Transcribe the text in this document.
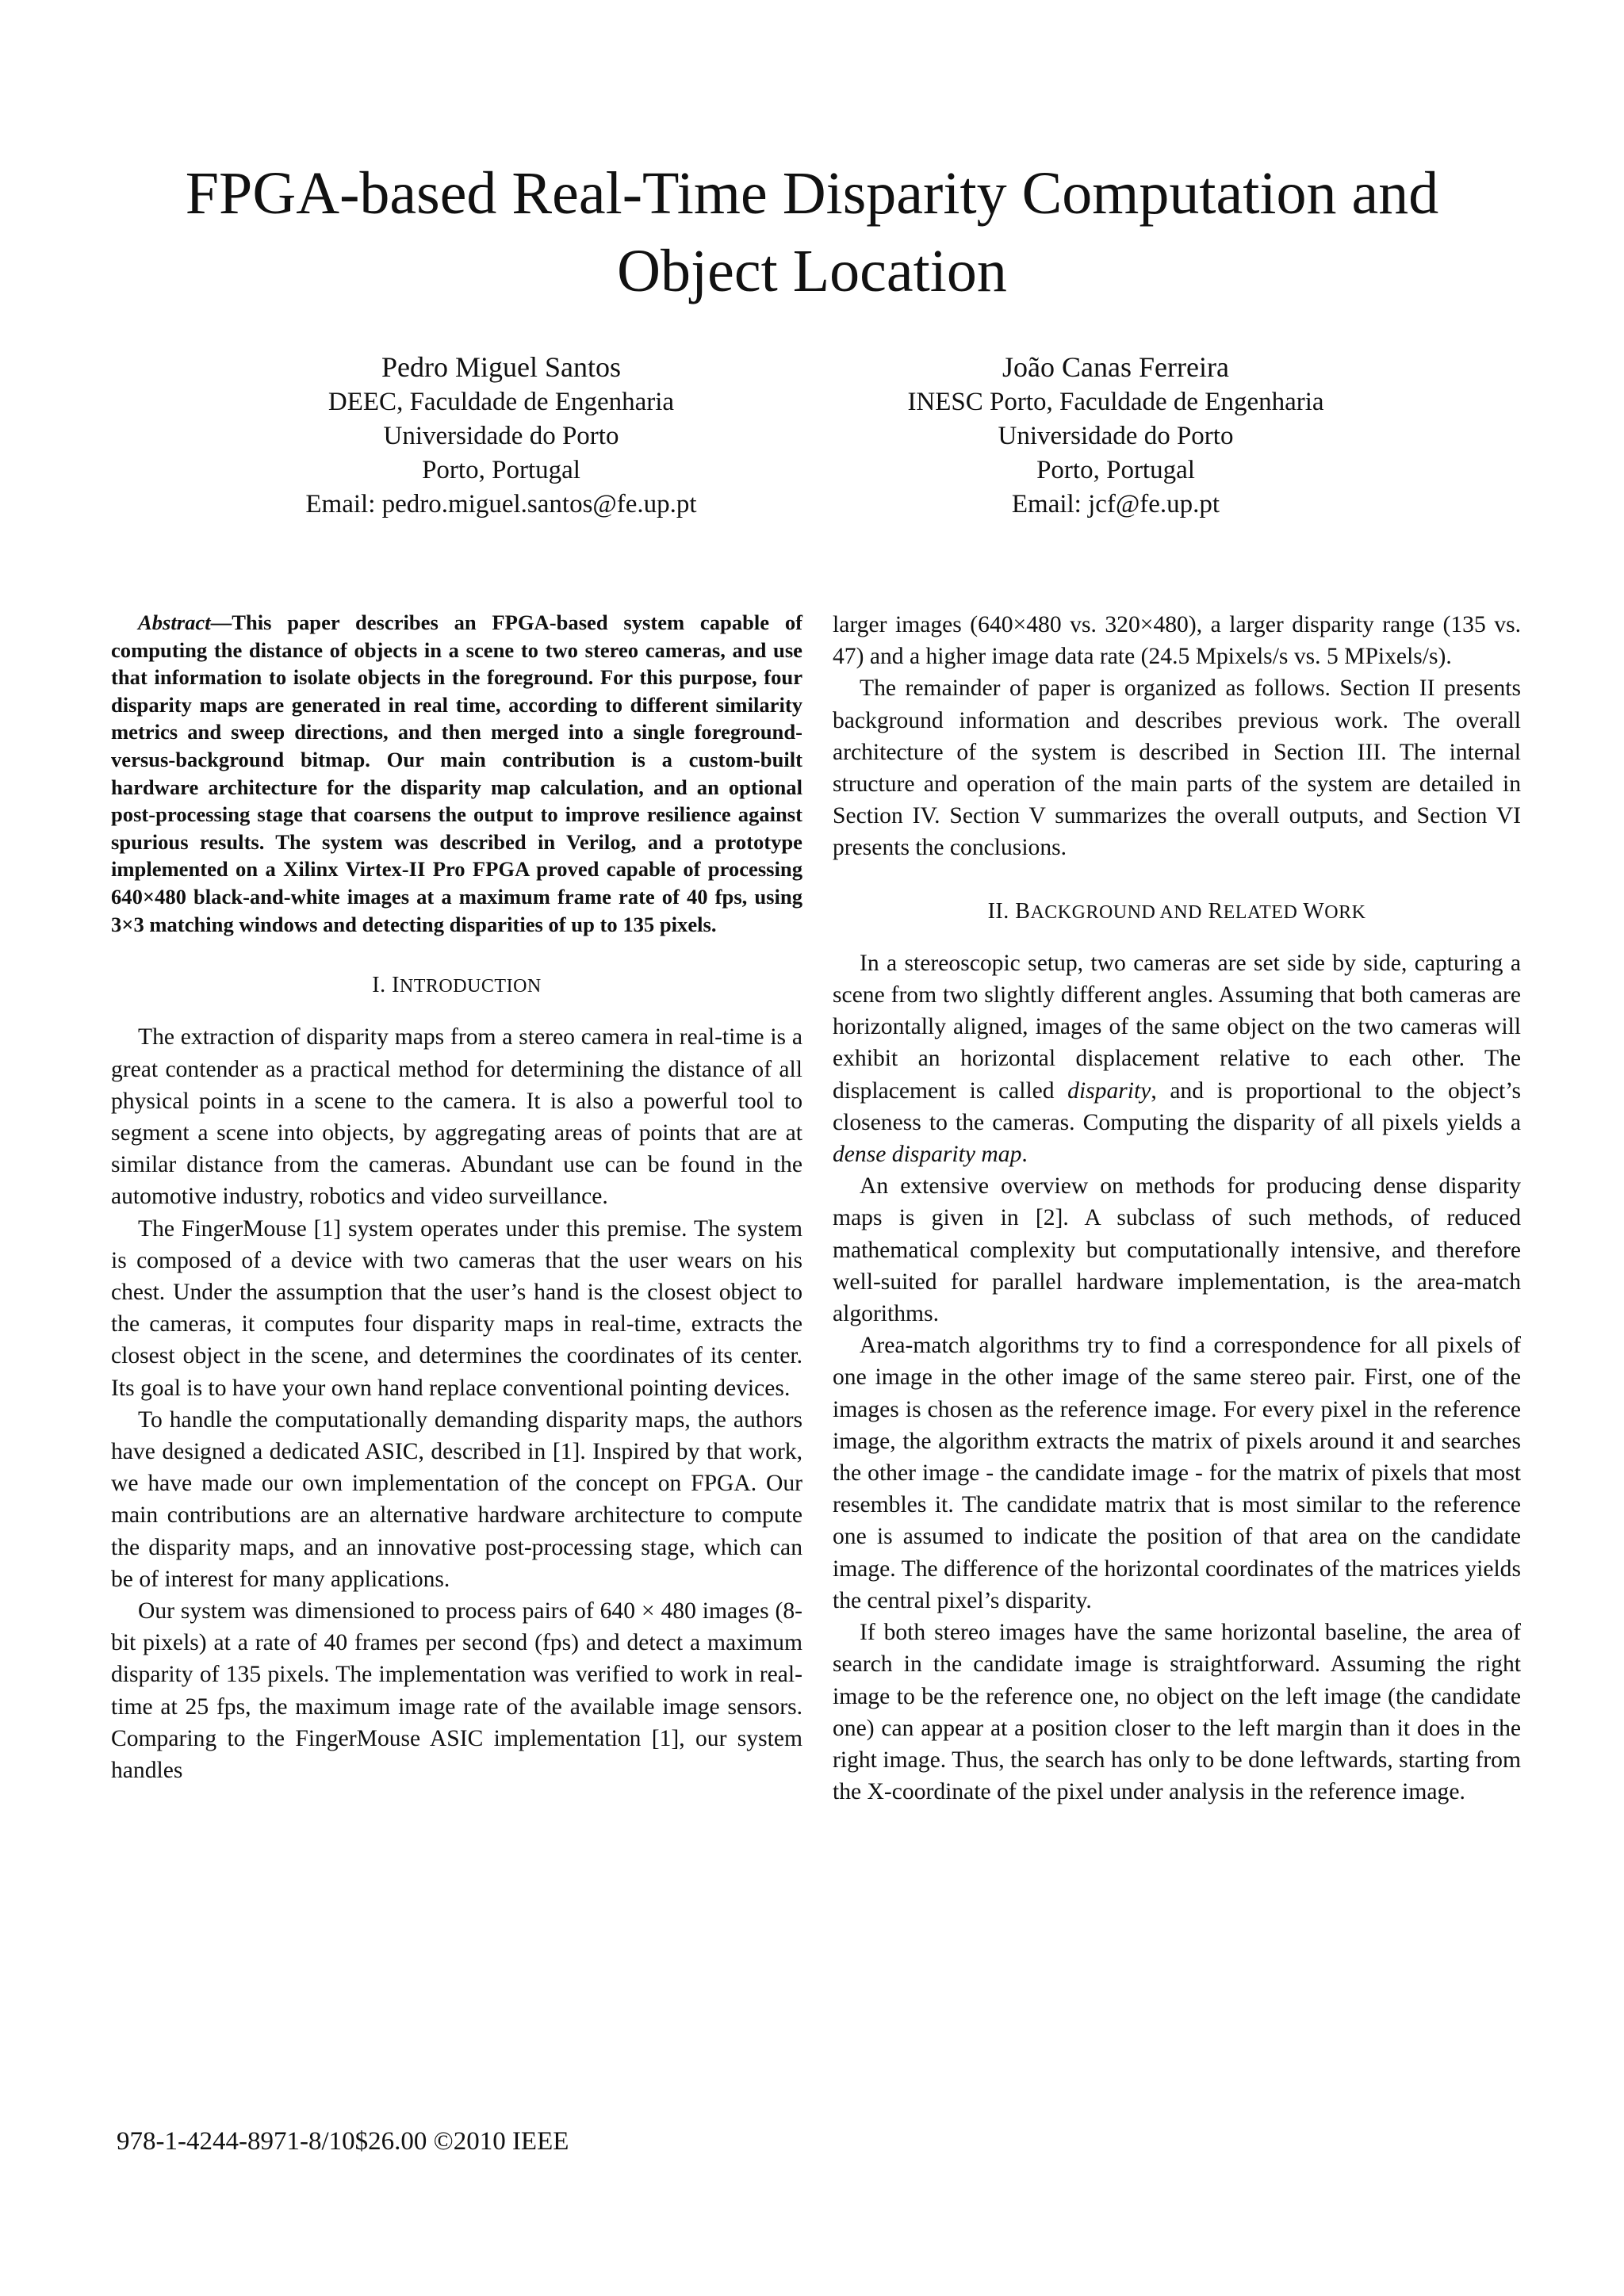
FPGA-based Real-Time Disparity Computation and
Object Location
Pedro Miguel Santos
DEEC, Faculdade de Engenharia
Universidade do Porto
Porto, Portugal
Email: pedro.miguel.santos@fe.up.pt
João Canas Ferreira
INESC Porto, Faculdade de Engenharia
Universidade do Porto
Porto, Portugal
Email: jcf@fe.up.pt

Abstract—This paper describes an FPGA-based system capable of computing the distance of objects in a scene to two stereo cameras, and use that information to isolate objects in the foreground. For this purpose, four disparity maps are generated in real time, according to different similarity metrics and sweep directions, and then merged into a single foreground-versus-background bitmap. Our main contribution is a custom-built hardware architecture for the disparity map calculation, and an optional post-processing stage that coarsens the output to improve resilience against spurious results. The system was described in Verilog, and a prototype implemented on a Xilinx Virtex-II Pro FPGA proved capable of processing 640×480 black-and-white images at a maximum frame rate of 40 fps, using 3×3 matching windows and detecting disparities of up to 135 pixels.

I. INTRODUCTION

The extraction of disparity maps from a stereo camera in real-time is a great contender as a practical method for determining the distance of all physical points in a scene to the camera. It is also a powerful tool to segment a scene into objects, by aggregating areas of points that are at similar distance from the cameras. Abundant use can be found in the automotive industry, robotics and video surveillance.

The FingerMouse [1] system operates under this premise. The system is composed of a device with two cameras that the user wears on his chest. Under the assumption that the user’s hand is the closest object to the cameras, it computes four disparity maps in real-time, extracts the closest object in the scene, and determines the coordinates of its center. Its goal is to have your own hand replace conventional pointing devices.

To handle the computationally demanding disparity maps, the authors have designed a dedicated ASIC, described in [1]. Inspired by that work, we have made our own implementation of the concept on FPGA. Our main contributions are an alternative hardware architecture to compute the disparity maps, and an innovative post-processing stage, which can be of interest for many applications.

Our system was dimensioned to process pairs of 640 × 480 images (8-bit pixels) at a rate of 40 frames per second (fps) and detect a maximum disparity of 135 pixels. The implementation was verified to work in real-time at 25 fps, the maximum image rate of the available image sensors. Comparing to the FingerMouse ASIC implementation [1], our system handles

larger images (640×480 vs. 320×480), a larger disparity range (135 vs. 47) and a higher image data rate (24.5 Mpixels/s vs. 5 MPixels/s).

The remainder of paper is organized as follows. Section II presents background information and describes previous work. The overall architecture of the system is described in Section III. The internal structure and operation of the main parts of the system are detailed in Section IV. Section V summarizes the overall outputs, and Section VI presents the conclusions.

II. BACKGROUND AND RELATED WORK

In a stereoscopic setup, two cameras are set side by side, capturing a scene from two slightly different angles. Assuming that both cameras are horizontally aligned, images of the same object on the two cameras will exhibit an horizontal displacement relative to each other. The displacement is called disparity, and is proportional to the object’s closeness to the cameras. Computing the disparity of all pixels yields a dense disparity map.

An extensive overview on methods for producing dense disparity maps is given in [2]. A subclass of such methods, of reduced mathematical complexity but computationally intensive, and therefore well-suited for parallel hardware implementation, is the area-match algorithms.

Area-match algorithms try to find a correspondence for all pixels of one image in the other image of the same stereo pair. First, one of the images is chosen as the reference image. For every pixel in the reference image, the algorithm extracts the matrix of pixels around it and searches the other image - the candidate image - for the matrix of pixels that most resembles it. The candidate matrix that is most similar to the reference one is assumed to indicate the position of that area on the candidate image. The difference of the horizontal coordinates of the matrices yields the central pixel’s disparity.

If both stereo images have the same horizontal baseline, the area of search in the candidate image is straightforward. Assuming the right image to be the reference one, no object on the left image (the candidate one) can appear at a position closer to the left margin than it does in the right image. Thus, the search has only to be done leftwards, starting from the X-coordinate of the pixel under analysis in the reference image.

978-1-4244-8971-8/10$26.00 ©2010 IEEE
